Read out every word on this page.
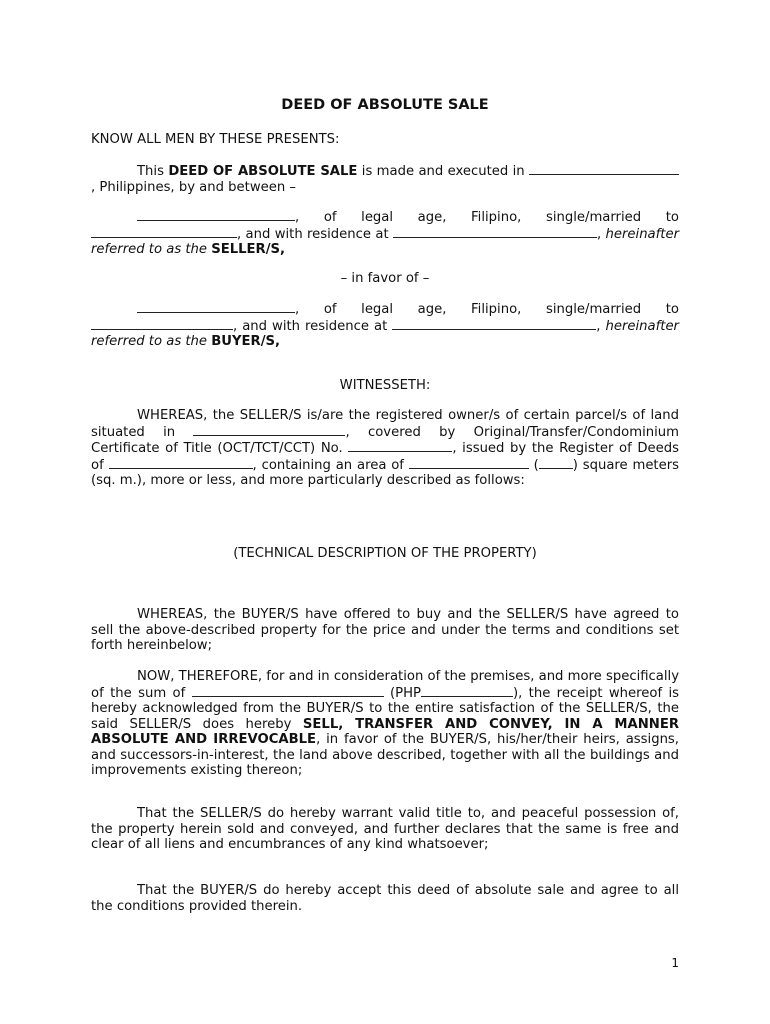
DEED OF ABSOLUTE SALE
KNOW ALL MEN BY THESE PRESENTS:
This DEED OF ABSOLUTE SALE is made and executed in , Philippines, by and between –
, of legal age, Filipino, single/married to , and with residence at	, hereinafter referred to as the SELLER/S,
– in favor of –
, of legal age, Filipino, single/married to , and with residence at	, hereinafter referred to as the BUYER/S,
WITNESSETH:
WHEREAS, the SELLER/S is/are the registered owner/s of certain parcel/s of land situated in	, covered by Original/Transfer/Condominium Certificate of Title (OCT/TCT/CCT) No.	, issued by the Register of Deeds of	, containing an area of	(	) square meters (sq. m.), more or less, and more particularly described as follows:
(TECHNICAL DESCRIPTION OF THE PROPERTY)
WHEREAS, the BUYER/S have offered to buy and the SELLER/S have agreed to sell the above-described property for the price and under the terms and conditions set forth hereinbelow;
NOW, THEREFORE, for and in consideration of the premises, and more specifically of the sum of	(PHP	), the receipt whereof is hereby acknowledged from the BUYER/S to the entire satisfaction of the SELLER/S, the said SELLER/S does hereby SELL, TRANSFER AND CONVEY, IN A MANNER ABSOLUTE AND IRREVOCABLE, in favor of the BUYER/S, his/her/their heirs, assigns, and successors-in-interest, the land above described, together with all the buildings and improvements existing thereon;
That the SELLER/S do hereby warrant valid title to, and peaceful possession of, the property herein sold and conveyed, and further declares that the same is free and clear of all liens and encumbrances of any kind whatsoever;
That the BUYER/S do hereby accept this deed of absolute sale and agree to all the conditions provided therein.
1
